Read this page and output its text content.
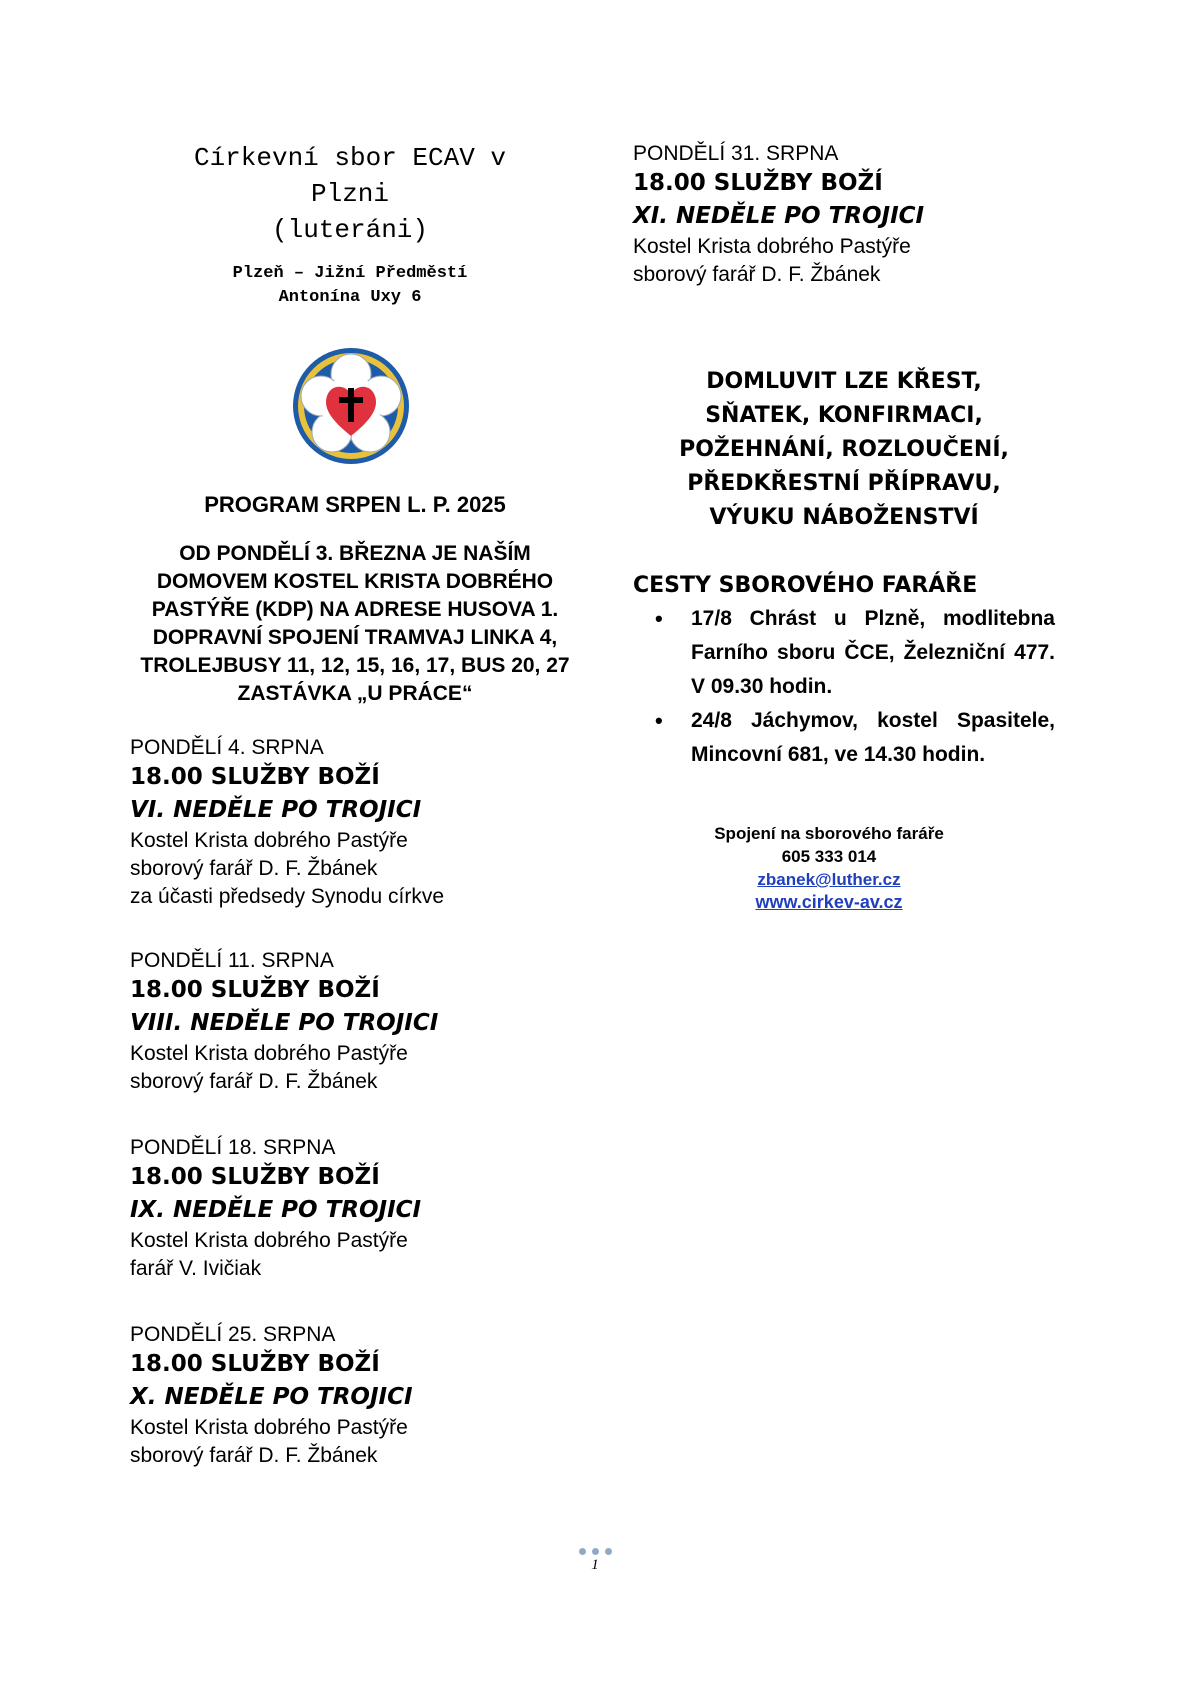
Církevní sbor ECAV v Plzni
(luteráni)
Plzeň – Jižní Předměstí
Antonína Uxy 6
PROGRAM SRPEN L. P. 2025
OD PONDĚLÍ 3. BŘEZNA JE NAŠÍM DOMOVEM KOSTEL KRISTA DOBRÉHO PASTÝŘE (KDP) NA ADRESE HUSOVA 1. DOPRAVNÍ SPOJENÍ TRAMVAJ LINKA 4, TROLEJBUSY 11, 12, 15, 16, 17, BUS 20, 27 ZASTÁVKA „U PRÁCE“
PONDĚLÍ 4. SRPNA
18.00 SLUŽBY BOŽÍ
VI. NEDĚLE PO TROJICI
Kostel Krista dobrého Pastýře
sborový farář D. F. Žbánek
za účasti předsedy Synodu církve
PONDĚLÍ 11. SRPNA
18.00 SLUŽBY BOŽÍ
VIII. NEDĚLE PO TROJICI
Kostel Krista dobrého Pastýře
sborový farář D. F. Žbánek
PONDĚLÍ 18. SRPNA
18.00 SLUŽBY BOŽÍ
IX. NEDĚLE PO TROJICI
Kostel Krista dobrého Pastýře
farář V. Ivičiak
PONDĚLÍ 25. SRPNA
18.00 SLUŽBY BOŽÍ
X. NEDĚLE PO TROJICI
Kostel Krista dobrého Pastýře
sborový farář D. F. Žbánek
PONDĚLÍ 31. SRPNA
18.00 SLUŽBY BOŽÍ
XI. NEDĚLE PO TROJICI
Kostel Krista dobrého Pastýře
sborový farář D. F. Žbánek
DOMLUVIT LZE KŘEST,
SŇATEK, KONFIRMACI,
POŽEHNÁNÍ, ROZLOUČENÍ,
PŘEDKŘESTNÍ PŘÍPRAVU,
VÝUKU NÁBOŽENSTVÍ
CESTY SBOROVÉHO FARÁŘE
• 17/8 Chrást u Plzně, modlitebna Farního sboru ČCE, Železniční 477. V 09.30 hodin.
• 24/8 Jáchymov, kostel Spasitele, Mincovní 681, ve 14.30 hodin.
Spojení na sborového faráře
605 333 014
zbanek@luther.cz
www.cirkev-av.cz
1
